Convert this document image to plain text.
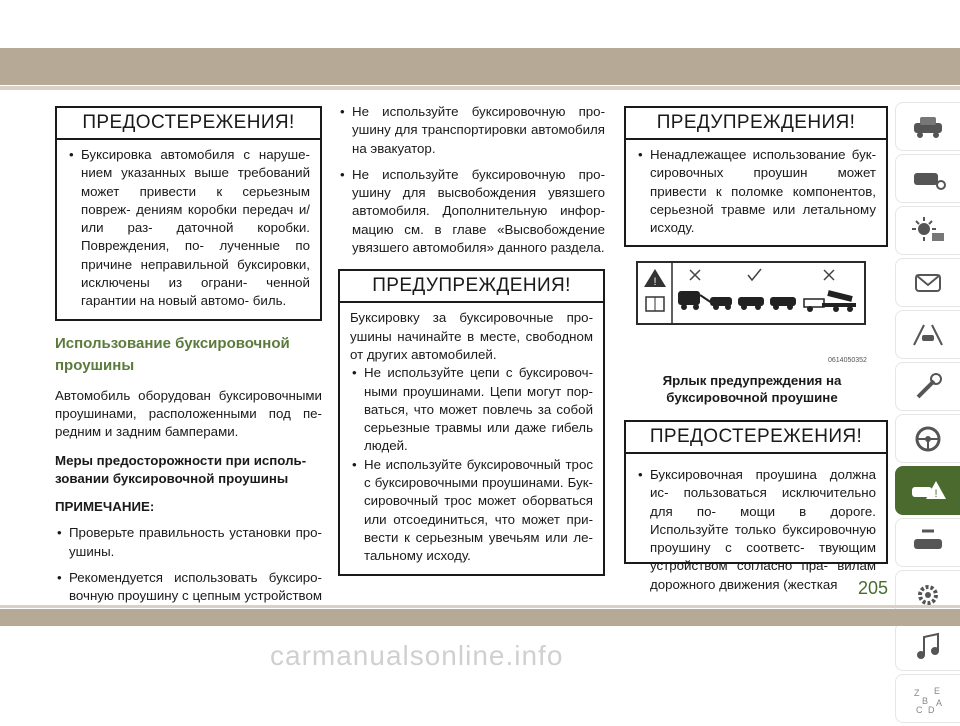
ПРЕДОСТЕРЕЖЕНИЯ!

• Буксировка автомобиля с наруше- нием указанных выше требований может привести к серьезным повреж- дениям коробки передач и/или раз- даточной коробки. Повреждения, по- лученные по причине неправильной буксировки, исключены из ограни- ченной гарантии на новый автомо- биль.

Использование буксировочной проушины

Автомобиль оборудован буксировочными проушинами, расположенными под пе- редним и задним бамперами.

Меры предосторожности при исполь- зовании буксировочной проушины

ПРИМЕЧАНИЕ:

• Проверьте правильность установки про- ушины.

• Рекомендуется использовать буксиро- вочную проушину с цепным устройством

• Не используйте буксировочную про- ушину для транспортировки автомобиля на эвакуатор.

• Не используйте буксировочную про- ушину для высвобождения увязшего автомобиля. Дополнительную инфор- мацию см. в главе «Высвобождение увязшего автомобиля» данного раздела.

ПРЕДУПРЕЖДЕНИЯ!

Буксировку за буксировочные про- ушины начинайте в месте, свободном от других автомобилей.

• Не используйте цепи с буксировоч- ными проушинами. Цепи могут пор- ваться, что может повлечь за собой серьезные травмы или даже гибель людей.

• Не используйте буксировочный трос с буксировочными проушинами. Бук- сировочный трос может оборваться или отсоединиться, что может при- вести к серьезным увечьям или ле- тальному исходу.

ПРЕДУПРЕЖДЕНИЯ!

• Ненадлежащее использование бук- сировочных проушин может привести к поломке компонентов, серьезной травме или летальному исходу.

!
0614050352
Ярлык предупреждения на буксировочной проушине
ПРЕДОСТЕРЕЖЕНИЯ!

• Буксировочная проушина должна ис- пользоваться исключительно для по- мощи в дороге. Используйте только буксировочную проушину с соответс- твующим устройством согласно пра- вилам дорожного движения (жесткая

!
Z E
B A
C D
205
carmanualsonline.info
